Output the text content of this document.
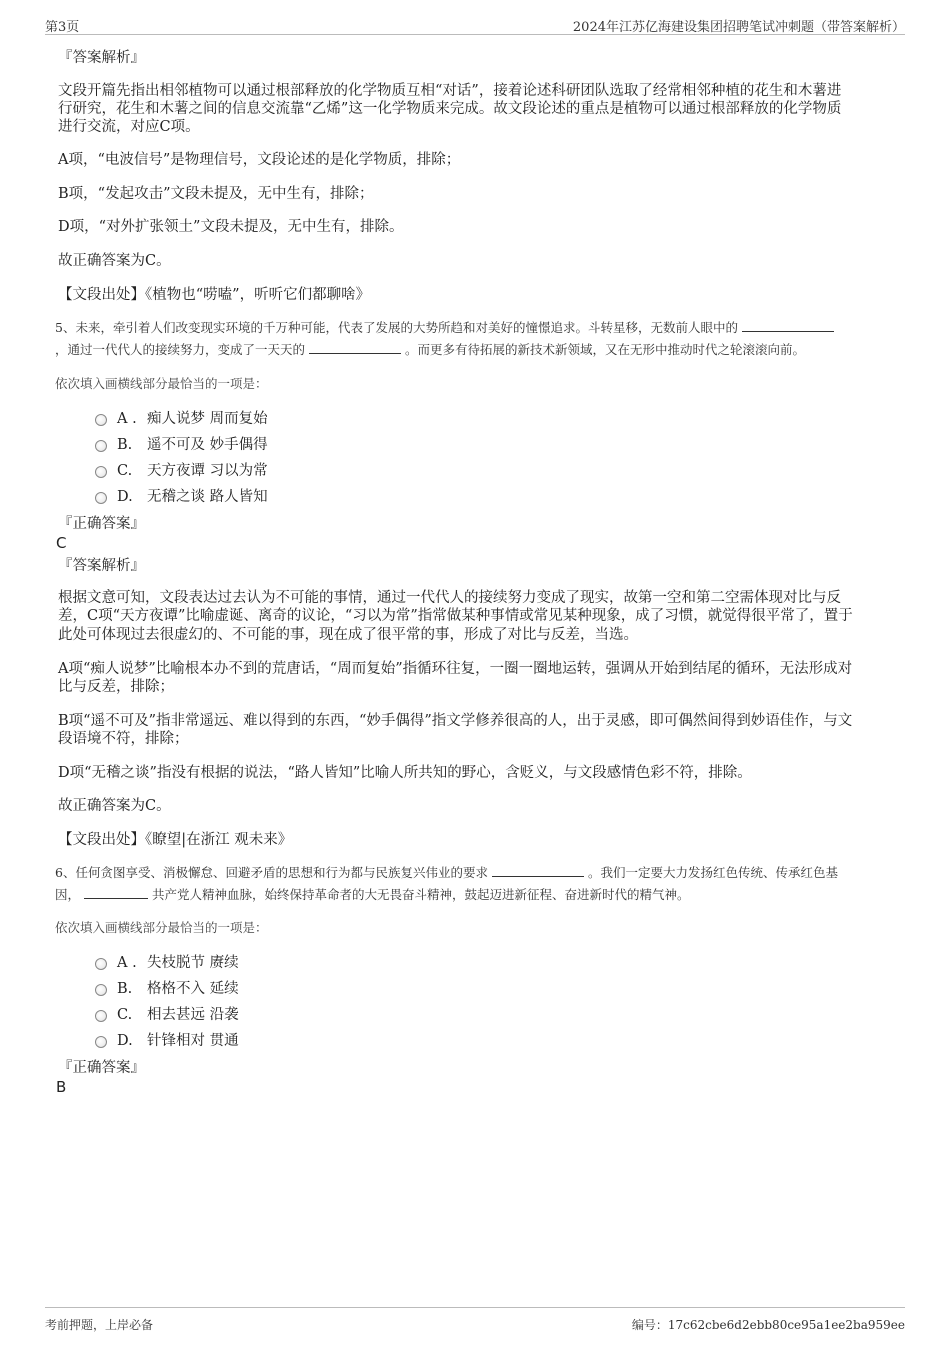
第3页	2024年江苏亿海建设集团招聘笔试冲刺题（带答案解析）
『答案解析』
文段开篇先指出相邻植物可以通过根部释放的化学物质互相“对话”，接着论述科研团队选取了经常相邻种植的花生和木薯进
行研究，花生和木薯之间的信息交流靠“乙烯”这一化学物质来完成。故文段论述的重点是植物可以通过根部释放的化学物质
进行交流，对应C项。
A项，“电波信号”是物理信号，文段论述的是化学物质，排除；
B项，“发起攻击”文段未提及，无中生有，排除；
D项，“对外扩张领土”文段未提及，无中生有，排除。
故正确答案为C。
【文段出处】《植物也“唠嗑”，听听它们都聊啥》
5、未来，牵引着人们改变现实环境的千万种可能，代表了发展的大势所趋和对美好的憧憬追求。斗转星移，无数前人眼中的
，通过一代代人的接续努力，变成了一天天的	。而更多有待拓展的新技术新领域，又在无形中推动时代之轮滚滚向前。
依次填入画横线部分最恰当的一项是：
A . 痴人说梦 周而复始
B. 遥不可及 妙手偶得
C. 天方夜谭 习以为常
D. 无稽之谈 路人皆知
『正确答案』
C
『答案解析』
根据文意可知，文段表达过去认为不可能的事情，通过一代代人的接续努力变成了现实，故第一空和第二空需体现对比与反
差，C项“天方夜谭”比喻虚诞、离奇的议论，“习以为常”指常做某种事情或常见某种现象，成了习惯，就觉得很平常了，置于
此处可体现过去很虚幻的、不可能的事，现在成了很平常的事，形成了对比与反差，当选。
A项“痴人说梦”比喻根本办不到的荒唐话，“周而复始”指循环往复，一圈一圈地运转，强调从开始到结尾的循环，无法形成对
比与反差，排除；
B项“遥不可及”指非常遥远、难以得到的东西，“妙手偶得”指文学修养很高的人，出于灵感，即可偶然间得到妙语佳作，与文
段语境不符，排除；
D项“无稽之谈”指没有根据的说法，“路人皆知”比喻人所共知的野心，含贬义，与文段感情色彩不符，排除。
故正确答案为C。
【文段出处】《瞭望|在浙江 观未来》
6、任何贪图享受、消极懈怠、回避矛盾的思想和行为都与民族复兴伟业的要求	。我们一定要大力发扬红色传统、传承红色基
因，	共产党人精神血脉，始终保持革命者的大无畏奋斗精神，鼓起迈进新征程、奋进新时代的精气神。
依次填入画横线部分最恰当的一项是：
A . 失枝脱节 赓续
B. 格格不入 延续
C. 相去甚远 沿袭
D. 针锋相对 贯通
『正确答案』
B
考前押题，上岸必备	编号：17c62cbe6d2ebb80ce95a1ee2ba959ee
